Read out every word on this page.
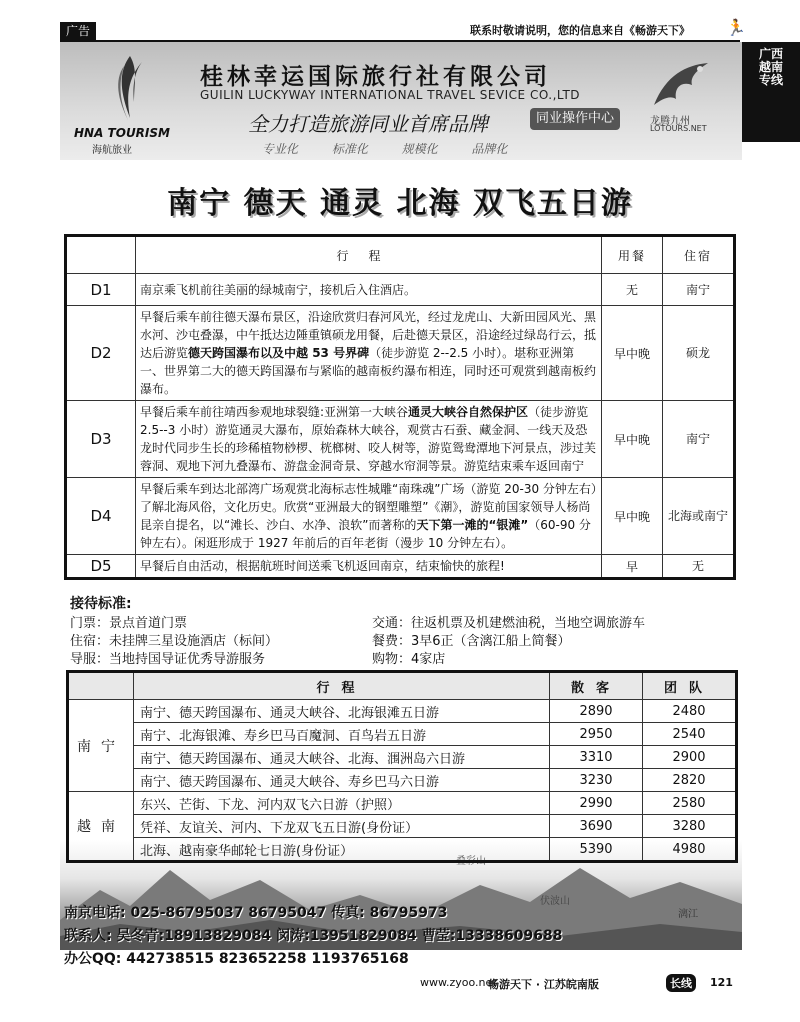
广告	联系时敬请说明，您的信息来自《畅游天下》 🏃
广西越南专线
HNA TOURISM
海航旅业
桂林幸运国际旅行社有限公司
GUILIN LUCKYWAY INTERNATIONAL TRAVEL SEVICE CO.,LTD
全力打造旅游同业首席品牌	同业操作中心
专业化 标准化 规模化 品牌化
龙腾九州
LOTOURS.NET
南宁 德天 通灵 北海 双飞五日游
	行程	用餐	住宿
D1	南京乘飞机前往美丽的绿城南宁，接机后入住酒店。	无	南宁
D2	早餐后乘车前往德天瀑布景区，沿途欣赏归春河风光，经过龙虎山、大新田园风光、黑水河、沙屯叠瀑，中午抵达边陲重镇硕龙用餐，后赴德天景区，沿途经过绿岛行云，抵达后游览德天跨国瀑布以及中越 53 号界碑（徒步游览 2--2.5 小时）。堪称亚洲第一、世界第二大的德天跨国瀑布与紧临的越南板约瀑布相连，同时还可观赏到越南板约瀑布。	早中晚	硕龙
D3	早餐后乘车前往靖西参观地球裂缝:亚洲第一大峡谷通灵大峡谷自然保护区（徒步游览 2.5--3 小时）游览通灵大瀑布，原始森林大峡谷，观赏古石蚕、藏金洞、一线天及恐龙时代同步生长的珍稀植物桫椤、桄榔树、咬人树等，游览鸳鸯潭地下河景点，涉过芙蓉洞、观地下河九叠瀑布、游盘金洞奇景、穿越水帘洞等景。游览结束乘车返回南宁	早中晚	南宁
D4	早餐后乘车到达北部湾广场观赏北海标志性城雕“南珠魂”广场（游览 20-30 分钟左右）了解北海风俗，文化历史。欣赏“亚洲最大的钢塑雕塑”《潮》，游览前国家领导人杨尚昆亲自提名，以“滩长、沙白、水净、浪软”而著称的天下第一滩的“银滩”（60-90 分钟左右）。闲逛形成于 1927 年前后的百年老街（漫步 10 分钟左右）。	早中晚	北海或南宁
D5	早餐后自由活动，根据航班时间送乘飞机返回南京，结束愉快的旅程!	早	无
接待标准:
门票：景点首道门票	交通：往返机票及机建燃油税，当地空调旅游车
住宿：未挂牌三星设施酒店（标间）	餐费：3早6正（含漓江船上简餐）
导服：当地持国导证优秀导游服务	购物：4家店
叠彩山
伏波山
漓江
	行程	散客	团队
南宁	南宁、德天跨国瀑布、通灵大峡谷、北海银滩五日游	2890	2480
	南宁、北海银滩、寿乡巴马百魔洞、百鸟岩五日游	2950	2540
	南宁、德天跨国瀑布、通灵大峡谷、北海、涠洲岛六日游	3310	2900
	南宁、德天跨国瀑布、通灵大峡谷、寿乡巴马六日游	3230	2820
越南	东兴、芒街、下龙、河内双飞六日游（护照）	2990	2580
	凭祥、友谊关、河内、下龙双飞五日游(身份证）	3690	3280
	北海、越南豪华邮轮七日游(身份证）	5390	4980
南京电话: 025-86795037 86795047 传真: 86795973
联系人: 吴冬青:18913829084 闵涛:13951829084 曹莹:13338609688
办公QQ: 442738515 823652258 1193765168
www.zyoo.net
畅游天下 · 江苏皖南版	长线	121
